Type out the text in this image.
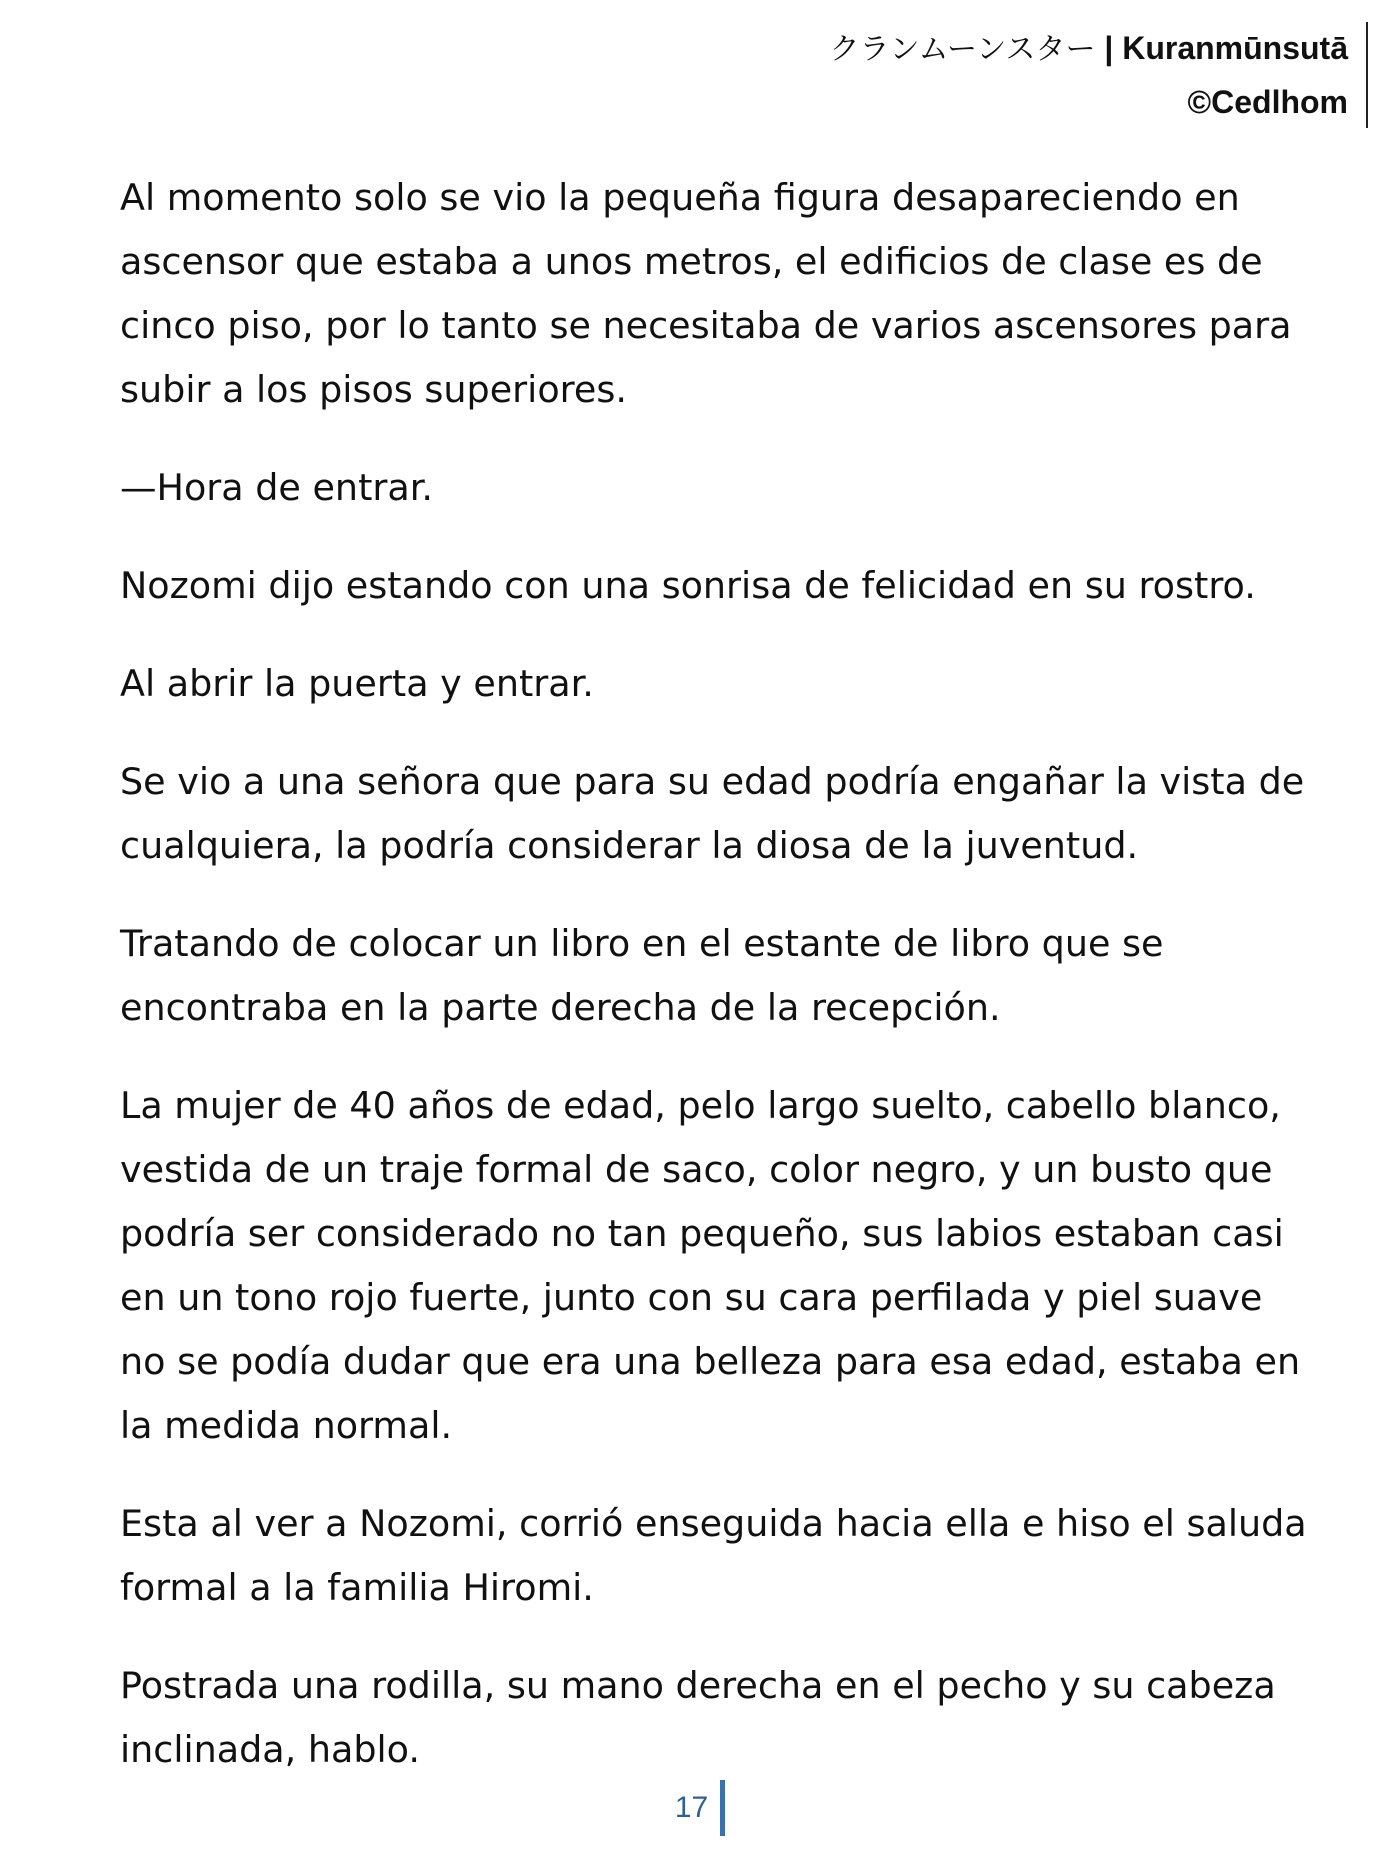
クランムーンスター | Kuranmūnsutā
©Cedlhom

Al momento solo se vio la pequeña figura desapareciendo en ascensor que estaba a unos metros, el edificios de clase es de cinco piso, por lo tanto se necesitaba de varios ascensores para subir a los pisos superiores.

—Hora de entrar.

Nozomi dijo estando con una sonrisa de felicidad en su rostro.

Al abrir la puerta y entrar.

Se vio a una señora que para su edad podría engañar la vista de cualquiera, la podría considerar la diosa de la juventud.

Tratando de colocar un libro en el estante de libro que se encontraba en la parte derecha de la recepción.

La mujer de 40 años de edad, pelo largo suelto, cabello blanco, vestida de un traje formal de saco, color negro, y un busto que podría ser considerado no tan pequeño, sus labios estaban casi en un tono rojo fuerte, junto con su cara perfilada y piel suave no se podía dudar que era una belleza para esa edad, estaba en la medida normal.

Esta al ver a Nozomi, corrió enseguida hacia ella e hiso el saluda formal a la familia Hiromi.

Postrada una rodilla, su mano derecha en el pecho y su cabeza inclinada, hablo.

17
